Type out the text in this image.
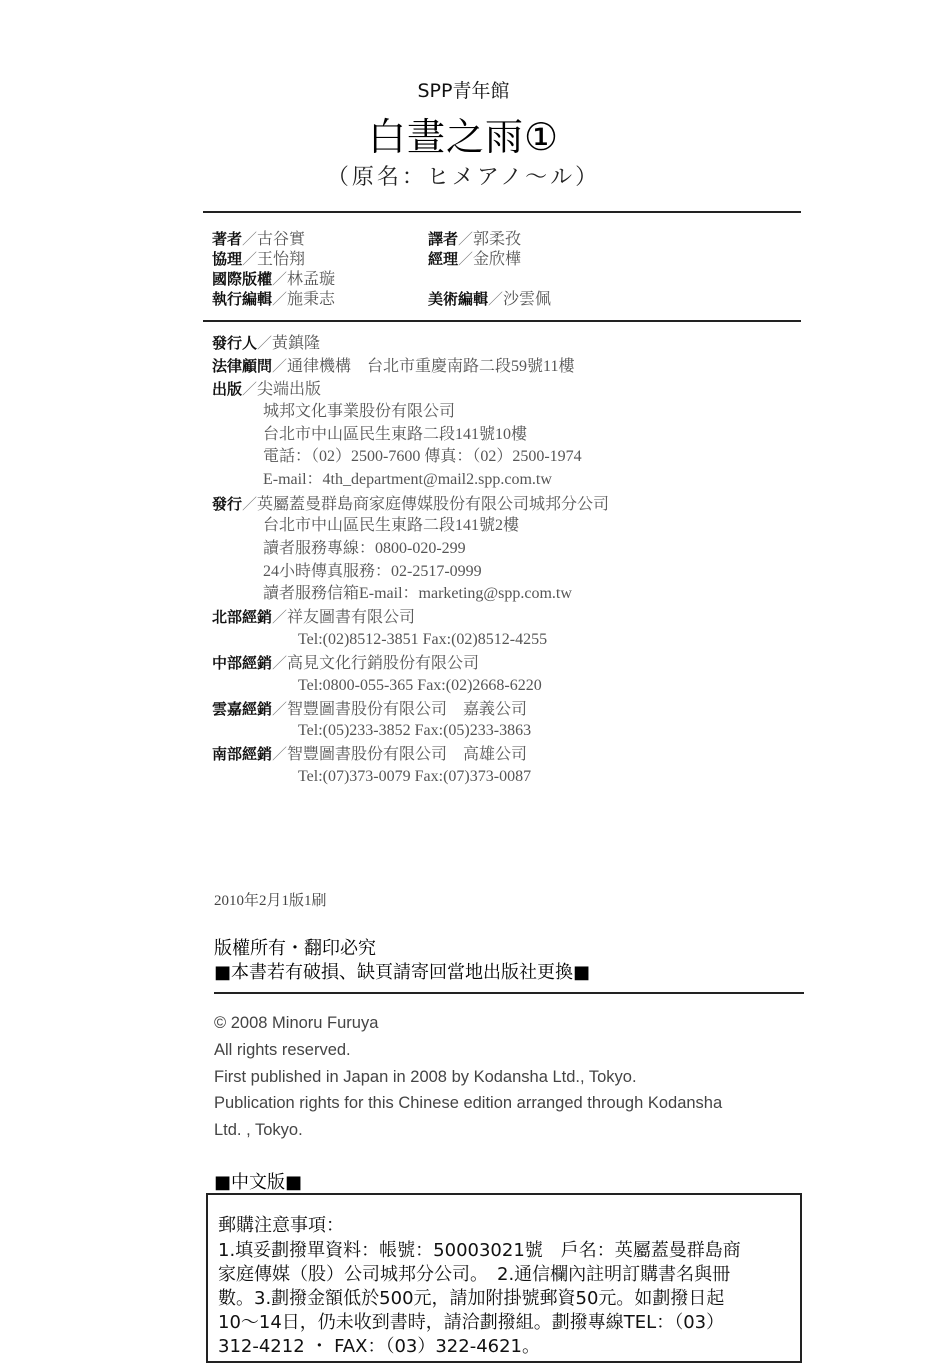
SPP青年館
白晝之雨①
（原名：ヒメアノ～ル）
著者／古谷實	譯者／郭柔孜
協理／王怡翔	經理／金欣樺
國際版權／林孟璇
執行編輯／施秉志	美術編輯／沙雲佩
發行人／黃鎮隆
法律顧問／通律機構　台北市重慶南路二段59號11樓
出版／尖端出版
城邦文化事業股份有限公司
台北市中山區民生東路二段141號10樓
電話：（02）2500-7600 傳真：（02）2500-1974
E-mail：4th_department@mail2.spp.com.tw
發行／英屬蓋曼群島商家庭傳媒股份有限公司城邦分公司
台北市中山區民生東路二段141號2樓
讀者服務專線：0800-020-299
24小時傳真服務：02-2517-0999
讀者服務信箱E-mail：marketing@spp.com.tw
北部經銷／祥友圖書有限公司
Tel:(02)8512-3851 Fax:(02)8512-4255
中部經銷／高見文化行銷股份有限公司
Tel:0800-055-365 Fax:(02)2668-6220
雲嘉經銷／智豐圖書股份有限公司　嘉義公司
Tel:(05)233-3852 Fax:(05)233-3863
南部經銷／智豐圖書股份有限公司　高雄公司
Tel:(07)373-0079 Fax:(07)373-0087
2010年2月1版1刷
版權所有・翻印必究
■本書若有破損、缺頁請寄回當地出版社更換■
© 2008 Minoru Furuya
All rights reserved.
First published in Japan in 2008 by Kodansha Ltd., Tokyo.
Publication rights for this Chinese edition arranged through Kodansha
Ltd. , Tokyo.
■中文版■
郵購注意事項：
1.填妥劃撥單資料：帳號：50003021號　戶名：英屬蓋曼群島商
家庭傳媒（股）公司城邦分公司。　2.通信欄內註明訂購書名與冊
數。3.劃撥金額低於500元，請加附掛號郵資50元。如劃撥日起
10～14日，仍未收到書時，請洽劃撥組。劃撥專線TEL：（03）
312-4212 ・ FAX：（03）322-4621。
